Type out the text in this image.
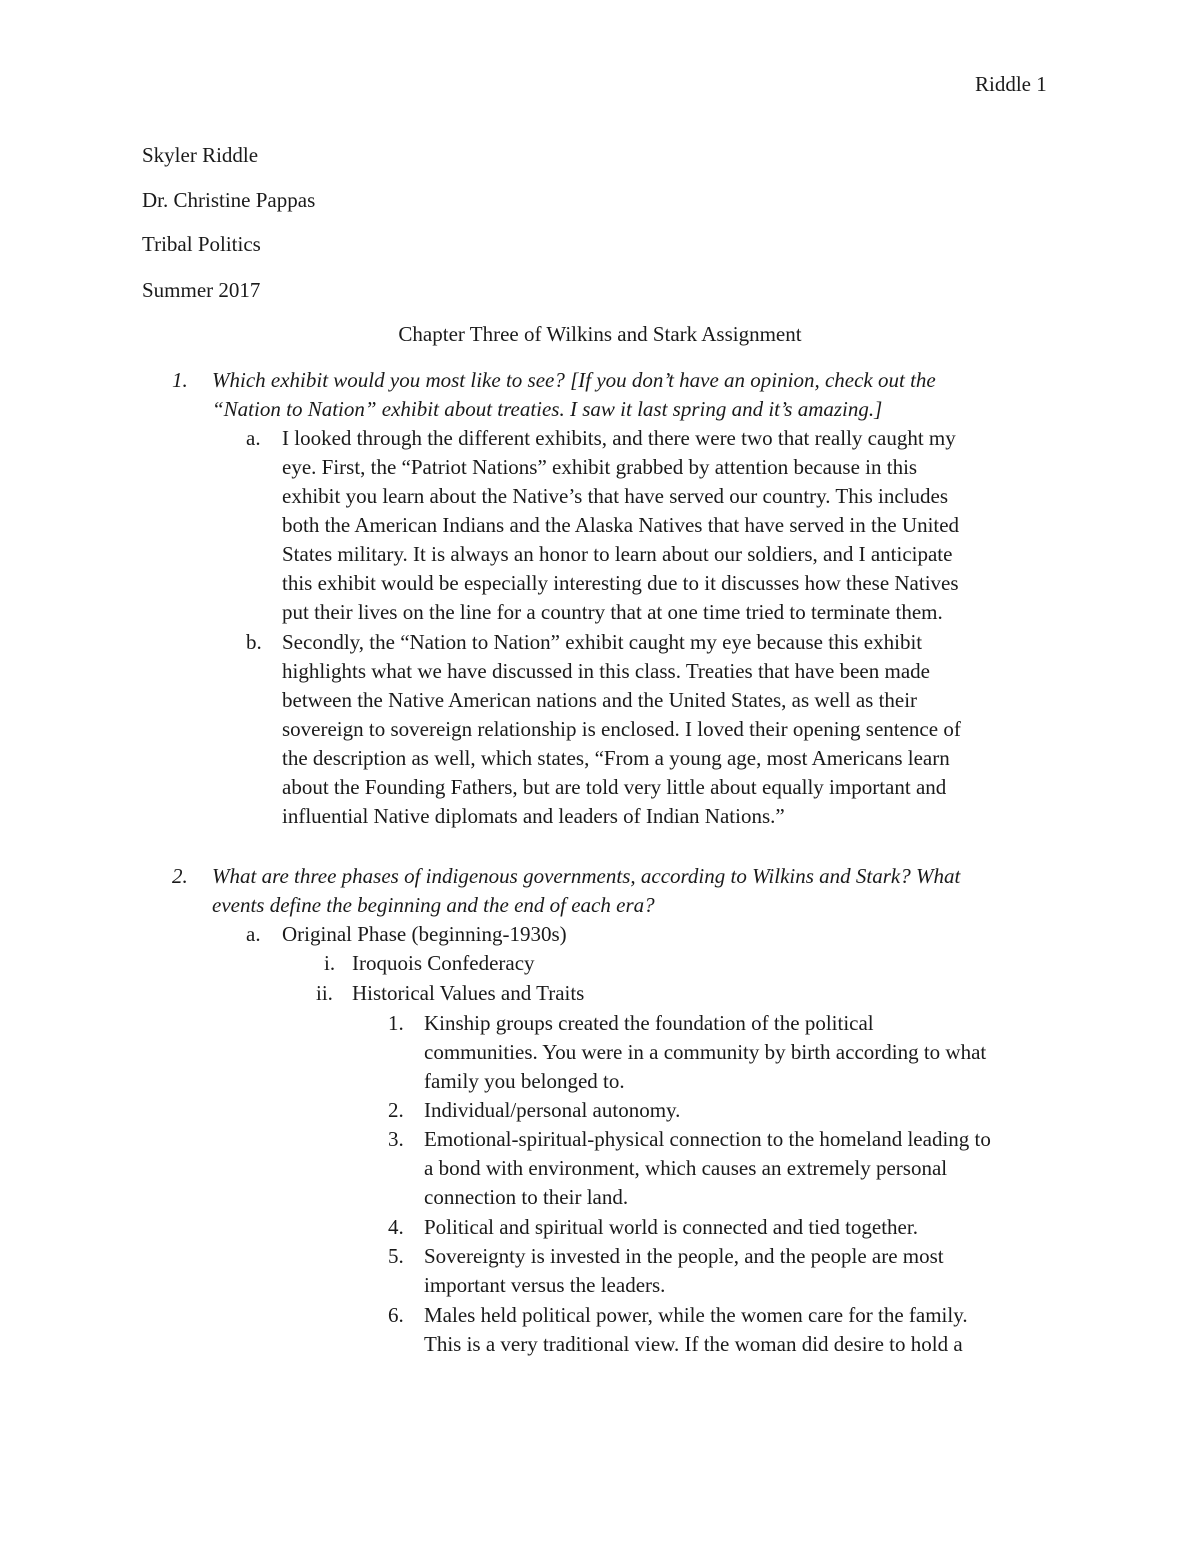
Riddle 1
Skyler Riddle
Dr. Christine Pappas
Tribal Politics
Summer 2017
Chapter Three of Wilkins and Stark Assignment
1. Which exhibit would you most like to see? [If you don’t have an opinion, check out the
“Nation to Nation” exhibit about treaties. I saw it last spring and it’s amazing.]
a. I looked through the different exhibits, and there were two that really caught my
eye. First, the “Patriot Nations” exhibit grabbed by attention because in this
exhibit you learn about the Native’s that have served our country. This includes
both the American Indians and the Alaska Natives that have served in the United
States military. It is always an honor to learn about our soldiers, and I anticipate
this exhibit would be especially interesting due to it discusses how these Natives
put their lives on the line for a country that at one time tried to terminate them.
b. Secondly, the “Nation to Nation” exhibit caught my eye because this exhibit
highlights what we have discussed in this class. Treaties that have been made
between the Native American nations and the United States, as well as their
sovereign to sovereign relationship is enclosed. I loved their opening sentence of
the description as well, which states, “From a young age, most Americans learn
about the Founding Fathers, but are told very little about equally important and
influential Native diplomats and leaders of Indian Nations.”
2. What are three phases of indigenous governments, according to Wilkins and Stark? What
events define the beginning and the end of each era?
a. Original Phase (beginning-1930s)
i. Iroquois Confederacy
ii. Historical Values and Traits
1. Kinship groups created the foundation of the political
communities. You were in a community by birth according to what
family you belonged to.
2. Individual/personal autonomy.
3. Emotional-spiritual-physical connection to the homeland leading to
a bond with environment, which causes an extremely personal
connection to their land.
4. Political and spiritual world is connected and tied together.
5. Sovereignty is invested in the people, and the people are most
important versus the leaders.
6. Males held political power, while the women care for the family.
This is a very traditional view. If the woman did desire to hold a
